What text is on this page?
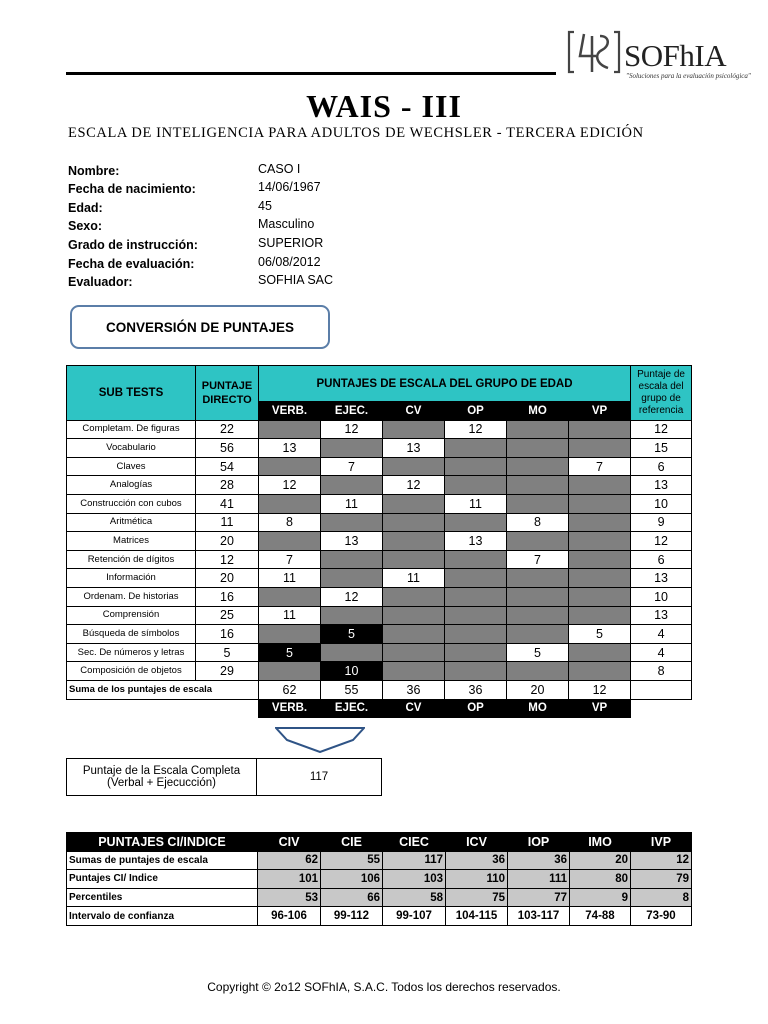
SOFhIA
"Soluciones para la evaluación psicológica"
WAIS - III
ESCALA DE INTELIGENCIA PARA ADULTOS DE WECHSLER - TERCERA EDICIÓN
Nombre:	CASO I
Fecha de nacimiento:	14/06/1967
Edad:	45
Sexo:	Masculino
Grado de instrucción:	SUPERIOR
Fecha de evaluación:	06/08/2012
Evaluador:	SOFHIA SAC
CONVERSIÓN DE PUNTAJES
SUB TESTS	PUNTAJE DIRECTO	PUNTAJES DE ESCALA DEL GRUPO DE EDAD						Puntaje de escala del grupo de referencia
		VERB.	EJEC.	CV	OP	MO	VP	
Completam. De figuras	22		12		12			12
Vocabulario	56	13		13				15
Claves	54		7				7	6
Analogías	28	12		12				13
Construcción con cubos	41		11		11			10
Aritmética	11	8				8		9
Matrices	20		13		13			12
Retención de dígitos	12	7				7		6
Información	20	11		11				13
Ordenam. De historias	16		12					10
Comprensión	25	11						13
Búsqueda de símbolos	16		5				5	4
Sec. De números y letras	5	5				5		4
Composición de objetos	29		10					8
Suma de los puntajes de escala		62	55	36	36	20	12	
		VERB.	EJEC.	CV	OP	MO	VP	
Puntaje de la Escala Completa
(Verbal + Ejecucción)	117
PUNTAJES CI/INDICE	CIV	CIE	CIEC	ICV	IOP	IMO	IVP
Sumas de puntajes de escala	62	55	117	36	36	20	12
Puntajes CI/ Indice	101	106	103	110	111	80	79
Percentiles	53	66	58	75	77	9	8
Intervalo de confianza	96-106	99-112	99-107	104-115	103-117	74-88	73-90
Copyright © 2o12 SOFhIA, S.A.C. Todos los derechos reservados.
